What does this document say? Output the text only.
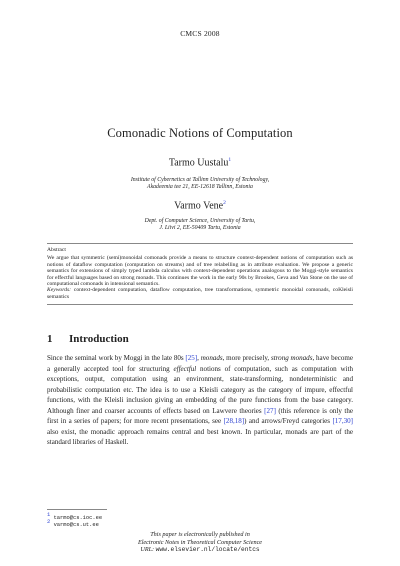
CMCS 2008
Comonadic Notions of Computation
Tarmo Uustalu$^1$
Institute of Cybernetics at Tallinn University of Technology,
Akadeemia tee 21, EE-12618 Tallinn, Estonia
Varmo Vene$^2$
Dept. of Computer Science, University of Tartu,
J. Liivi 2, EE-50409 Tartu, Estonia
Abstract
We argue that symmetric (semi)monoidal comonads provide a means to structure context-dependent notions of computation such as notions of dataflow computation (computation on streams) and of tree relabelling as in attribute evaluation. We propose a generic semantics for extensions of simply typed lambda calculus with context-dependent operations analogous to the Moggi-style semantics for effectful languages based on strong monads. This continues the work in the early 90s by Brookes, Geva and Van Stone on the use of computational comonads in intensional semantics.
Keywords: context-dependent computation, dataflow computation, tree transformations, symmetric monoidal comonads, coKleisli semantics
1 Introduction
Since the seminal work by Moggi in the late 80s [25], monads, more precisely, strong monads, have become a generally accepted tool for structuring effectful notions of computation, such as computation with exceptions, output, computation using an environment, state-transforming, nondeterministic and probabilistic computation etc. The idea is to use a Kleisli category as the category of impure, effectful functions, with the Kleisli inclusion giving an embedding of the pure functions from the base category. Although finer and coarser accounts of effects based on Lawvere theories [27] (this reference is only the first in a series of papers; for more recent presentations, see [28,18]) and arrows/Freyd categories [17,30] also exist, the monadic approach remains central and best known. In particular, monads are part of the standard libraries of Haskell.
$^1$ tarmo@cs.ioc.ee
$^2$ varmo@cs.ut.ee
This paper is electronically published in
Electronic Notes in Theoretical Computer Science
URL: www.elsevier.nl/locate/entcs
